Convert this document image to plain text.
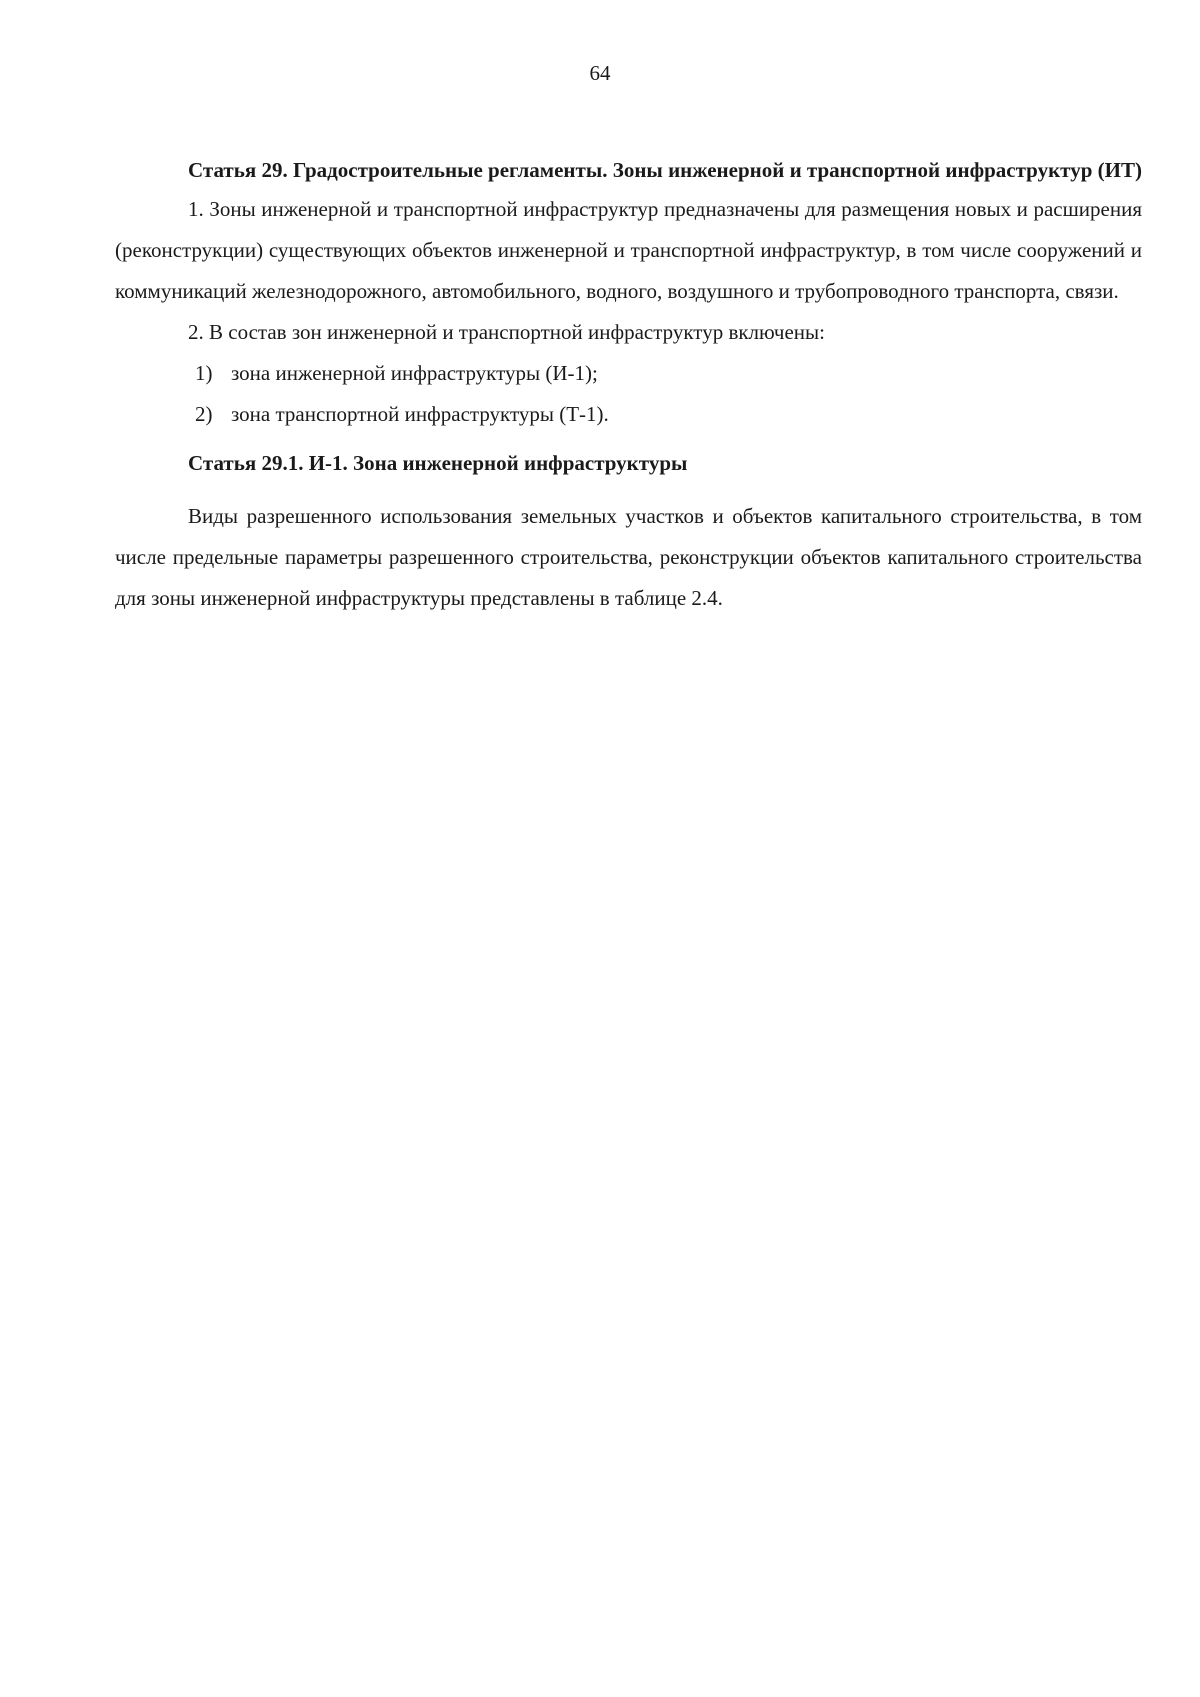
64

Статья 29. Градостроительные регламенты. Зоны инженерной и транспортной инфраструктур (ИТ)

1. Зоны инженерной и транспортной инфраструктур предназначены для размещения новых и расширения (реконструкции) существующих объектов инженерной и транспортной инфраструктур, в том числе сооружений и коммуникаций железнодорожного, автомобильного, водного, воздушного и трубопроводного транспорта, связи.

2. В состав зон инженерной и транспортной инфраструктур включены:

1) зона инженерной инфраструктуры (И-1);

2) зона транспортной инфраструктуры (Т-1).

Статья 29.1. И-1. Зона инженерной инфраструктуры

Виды разрешенного использования земельных участков и объектов капитального строительства, в том числе предельные параметры разрешенного строительства, реконструкции объектов капитального строительства для зоны инженерной инфраструктуры представлены в таблице 2.4.
